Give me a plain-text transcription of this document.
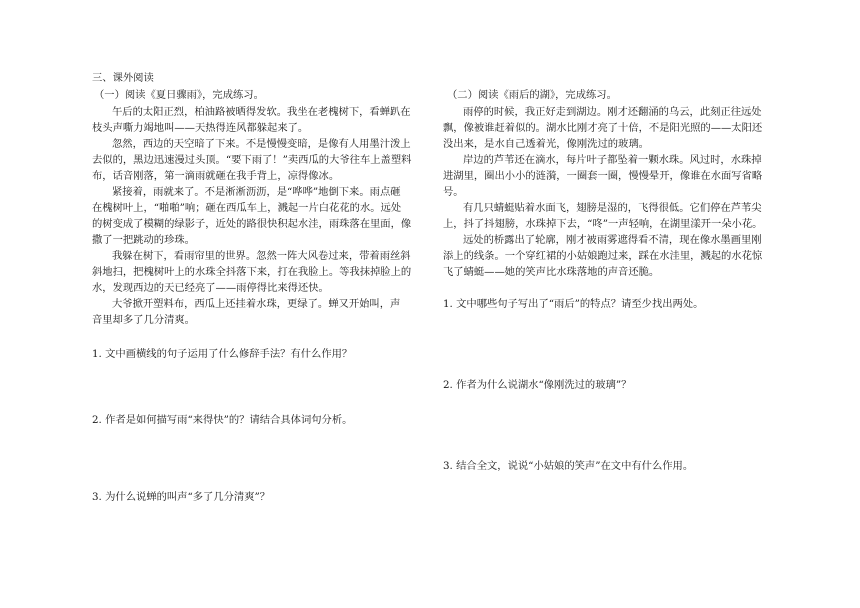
三、课外阅读
（一）阅读《夏日骤雨》，完成练习。
午后的太阳正烈，柏油路被晒得发软。我坐在老槐树下，看蝉趴在
枝头声嘶力竭地叫——天热得连风都躲起来了。
忽然，西边的天空暗了下来。不是慢慢变暗，是像有人用墨汁泼上
去似的，黑边迅速漫过头顶。“要下雨了！”卖西瓜的大爷往车上盖塑料
布，话音刚落，第一滴雨就砸在我手背上，凉得像冰。
紧接着，雨就来了。不是淅淅沥沥，是“哗哗”地倒下来。雨点砸
在槐树叶上，“啪啪”响；砸在西瓜车上，溅起一片白花花的水。远处
的树变成了模糊的绿影子，近处的路很快积起水洼，雨珠落在里面，像
撒了一把跳动的珍珠。
我躲在树下，看雨帘里的世界。忽然一阵大风卷过来，带着雨丝斜
斜地扫，把槐树叶上的水珠全抖落下来，打在我脸上。等我抹掉脸上的
水，发现西边的天已经亮了——雨停得比来得还快。
大爷掀开塑料布，西瓜上还挂着水珠，更绿了。蝉又开始叫，声
音里却多了几分清爽。
1. 文中画横线的句子运用了什么修辞手法？有什么作用？
2. 作者是如何描写雨“来得快”的？请结合具体词句分析。
3. 为什么说蝉的叫声“多了几分清爽”？
（二）阅读《雨后的湖》，完成练习。
雨停的时候，我正好走到湖边。刚才还翻涌的乌云，此刻正往远处
飘，像被谁赶着似的。湖水比刚才亮了十倍，不是阳光照的——太阳还
没出来，是水自己透着光，像刚洗过的玻璃。
岸边的芦苇还在滴水，每片叶子都坠着一颗水珠。风过时，水珠掉
进湖里，圈出小小的涟漪，一圈套一圈，慢慢晕开，像谁在水面写省略
号。
有几只蜻蜓贴着水面飞，翅膀是湿的，飞得很低。它们停在芦苇尖
上，抖了抖翅膀，水珠掉下去，“咚”一声轻响，在湖里漾开一朵小花。
远处的桥露出了轮廓，刚才被雨雾遮得看不清，现在像水墨画里刚
添上的线条。一个穿红裙的小姑娘跑过来，踩在水洼里，溅起的水花惊
飞了蜻蜓——她的笑声比水珠落地的声音还脆。
1. 文中哪些句子写出了“雨后”的特点？请至少找出两处。
2. 作者为什么说湖水“像刚洗过的玻璃”？
3. 结合全文，说说“小姑娘的笑声”在文中有什么作用。
